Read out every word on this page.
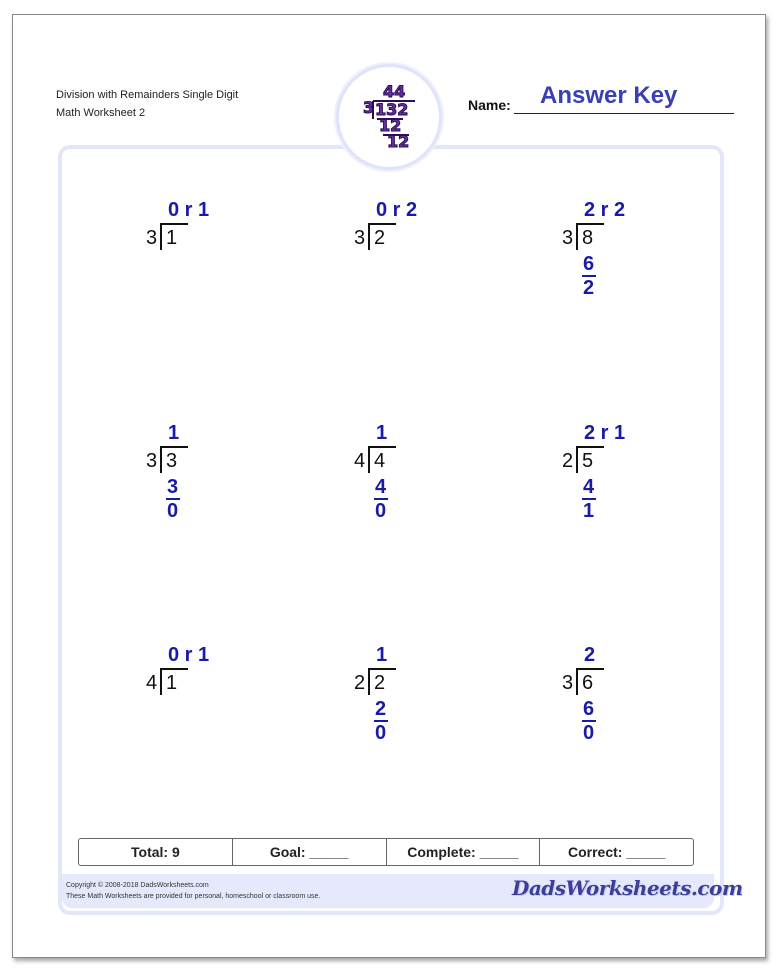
Division with Remainders Single Digit
Math Worksheet 2
44
3 132
12
12
Name: Answer Key
0 r 1
3 1
0 r 2
3 2
2 r 2
3 8
6
2
1
3 3
3
0
1
4 4
4
0
2 r 1
2 5
4
1
0 r 1
4 1
1
2 2
2
0
2
3 6
6
0
Total: 9	Goal: _____	Complete: _____	Correct: _____
Copyright © 2008-2018 DadsWorksheets.com
These Math Worksheets are provided for personal, homeschool or classroom use.	DadsWorksheets.com
